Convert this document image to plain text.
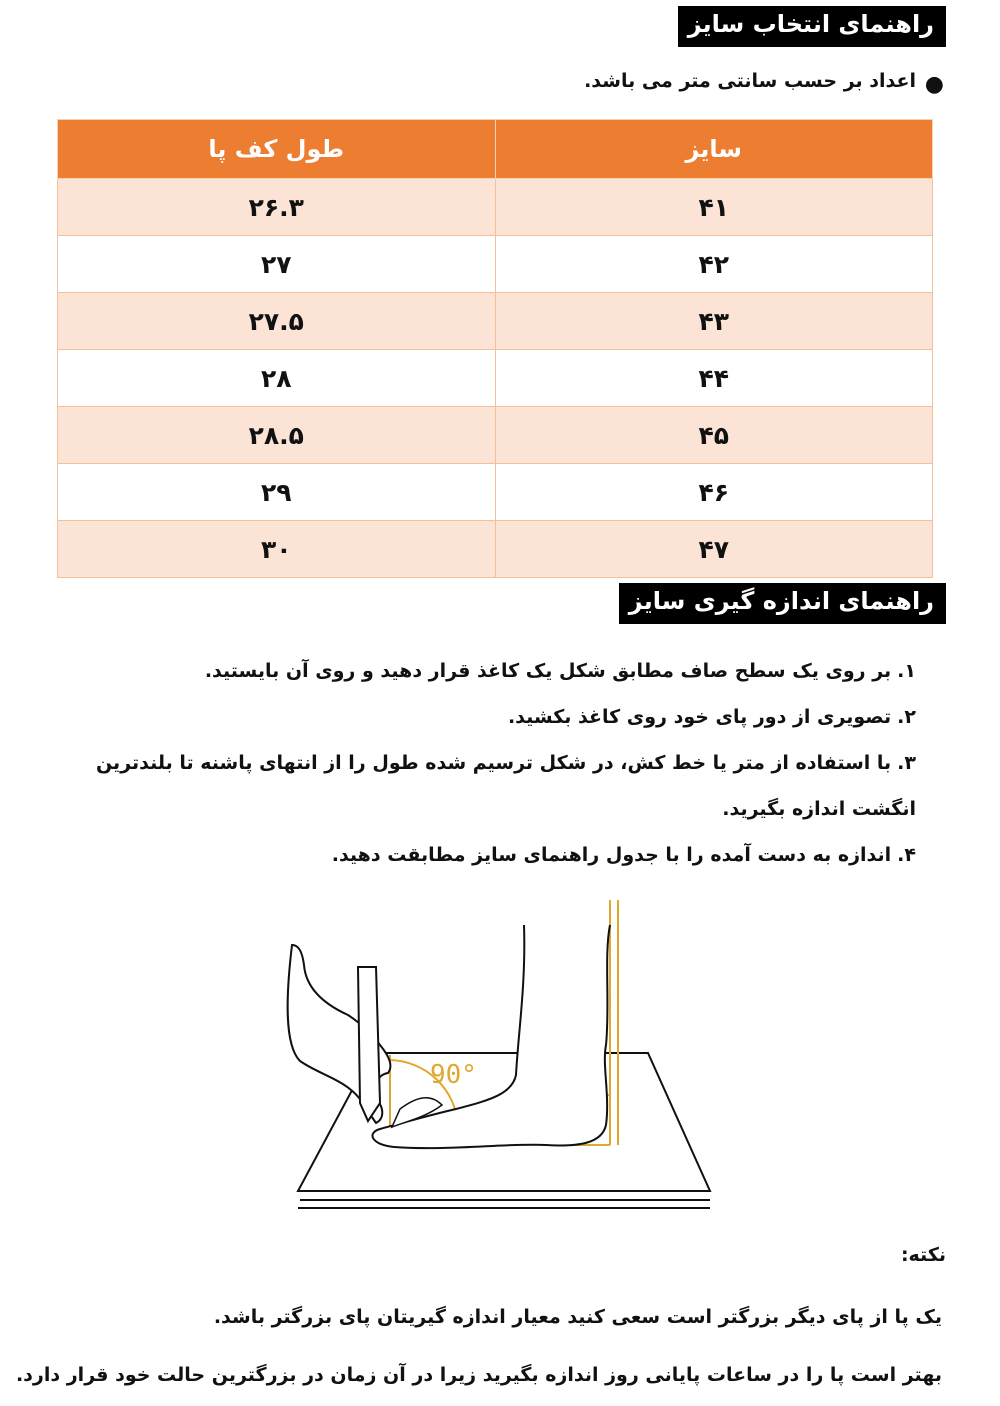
راهنمای انتخاب سایز
●
اعداد بر حسب سانتی متر می باشد.
سایز	طول کف پا
۴۱	۲۶.۳
۴۲	۲۷
۴۳	۲۷.۵
۴۴	۲۸
۴۵	۲۸.۵
۴۶	۲۹
۴۷	۳۰
راهنمای اندازه گیری سایز

۱.بر روی یک سطح صاف مطابق شکل یک کاغذ قرار دهید و روی آن بایستید.

۲.تصویری از دور پای خود روی کاغذ بکشید.

۳.با استفاده از متر یا خط کش، در شکل ترسیم شده طول را از انتهای پاشنه تا بلندترین انگشت اندازه بگیرید.

۴.اندازه به دست آمده را با جدول راهنمای سایز مطابقت دهید.

90°
نکته:
یک پا از پای دیگر بزرگتر است سعی کنید معیار اندازه گیریتان پای بزرگتر باشد.
بهتر است پا را در ساعات پایانی روز اندازه بگیرید زیرا در آن زمان در بزرگترین حالت خود قرار دارد.
